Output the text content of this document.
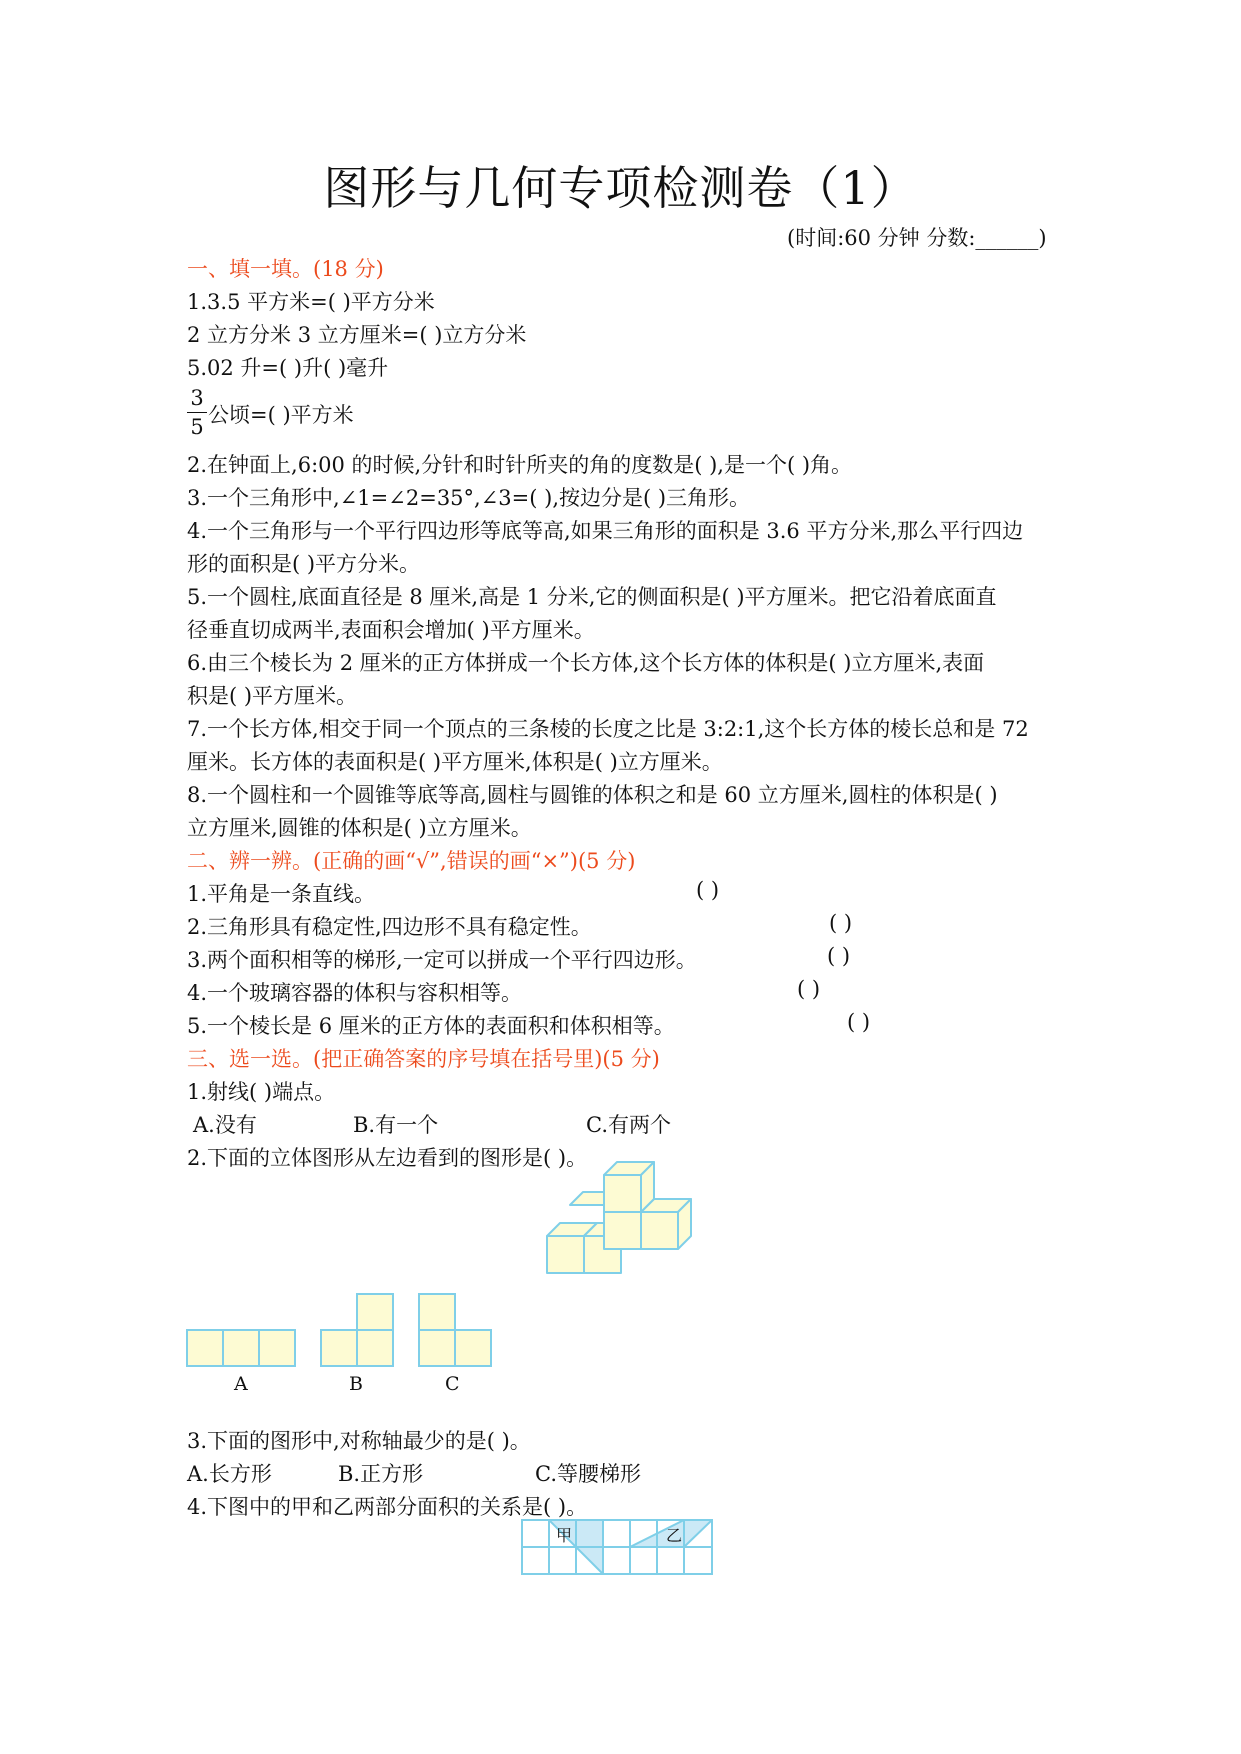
图形与几何专项检测卷（1）
(时间:60 分钟 分数:______)
一、填一填。(18 分)
1.3.5 平方米=( )平方分米
2 立方分米 3 立方厘米=( )立方分米
5.02 升=( )升( )毫升
3
5 公顷=( )平方米
2.在钟面上,6:00 的时候,分针和时针所夹的角的度数是( ),是一个( )角。
3.一个三角形中,∠1=∠2=35°,∠3=( ),按边分是( )三角形。
4.一个三角形与一个平行四边形等底等高,如果三角形的面积是 3.6 平方分米,那么平行四边
形的面积是( )平方分米。
5.一个圆柱,底面直径是 8 厘米,高是 1 分米,它的侧面积是( )平方厘米。把它沿着底面直
径垂直切成两半,表面积会增加( )平方厘米。
6.由三个棱长为 2 厘米的正方体拼成一个长方体,这个长方体的体积是( )立方厘米,表面
积是( )平方厘米。
7.一个长方体,相交于同一个顶点的三条棱的长度之比是 3:2:1,这个长方体的棱长总和是 72
厘米。长方体的表面积是( )平方厘米,体积是( )立方厘米。
8.一个圆柱和一个圆锥等底等高,圆柱与圆锥的体积之和是 60 立方厘米,圆柱的体积是( )
立方厘米,圆锥的体积是( )立方厘米。
二、辨一辨。(正确的画“√”,错误的画“×”)(5 分)
1.平角是一条直线。	( )
2.三角形具有稳定性,四边形不具有稳定性。	( )
3.两个面积相等的梯形,一定可以拼成一个平行四边形。	( )
4.一个玻璃容器的体积与容积相等。	( )
5.一个棱长是 6 厘米的正方体的表面积和体积相等。	( )
三、选一选。(把正确答案的序号填在括号里)(5 分)
1.射线( )端点。
A.没有	B.有一个	C.有两个
2.下面的立体图形从左边看到的图形是( )。
A	B	C
3.下面的图形中,对称轴最少的是( )。
A.长方形	B.正方形	C.等腰梯形
4.下图中的甲和乙两部分面积的关系是( )。
甲	乙
